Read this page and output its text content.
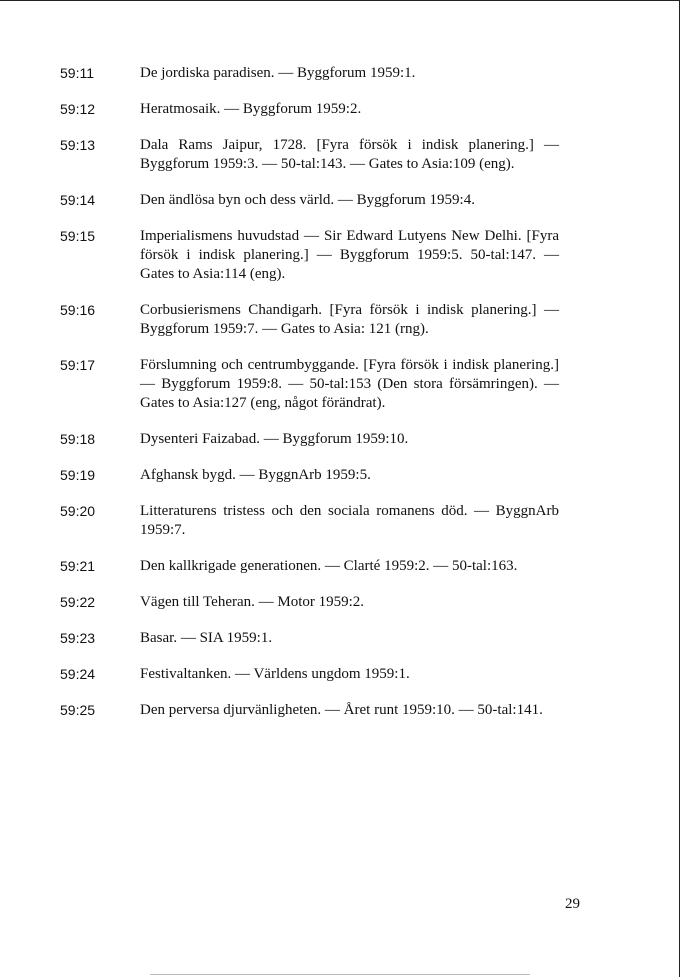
59:11	De jordiska paradisen. — Byggforum 1959:1.
59:12	Heratmosaik. — Byggforum 1959:2.
59:13	Dala Rams Jaipur, 1728. [Fyra försök i indisk planering.] — Byggforum 1959:3. — 50-tal:143. — Gates to Asia:109 (eng).
59:14	Den ändlösa byn och dess värld. — Byggforum 1959:4.
59:15	Imperialismens huvudstad — Sir Edward Lutyens New Delhi. [Fyra försök i indisk planering.] — Byggforum 1959:5. 50-tal:147. — Gates to Asia:114 (eng).
59:16	Corbusierismens Chandigarh. [Fyra försök i indisk planering.] — Byggforum 1959:7. — Gates to Asia: 121 (rng).
59:17	Förslumning och centrumbyggande. [Fyra försök i indisk planering.] — Byggforum 1959:8. — 50-tal:153 (Den stora försämringen). — Gates to Asia:127 (eng, något förändrat).
59:18	Dysenteri Faizabad. — Byggforum 1959:10.
59:19	Afghansk bygd. — ByggnArb 1959:5.
59:20	Litteraturens tristess och den sociala romanens död. — ByggnArb 1959:7.
59:21	Den kallkrigade generationen. — Clarté 1959:2. — 50-tal:163.
59:22	Vägen till Teheran. — Motor 1959:2.
59:23	Basar. — SIA 1959:1.
59:24	Festivaltanken. — Världens ungdom 1959:1.
59:25	Den perversa djurvänligheten. — Året runt 1959:10. — 50-tal:141.
29
